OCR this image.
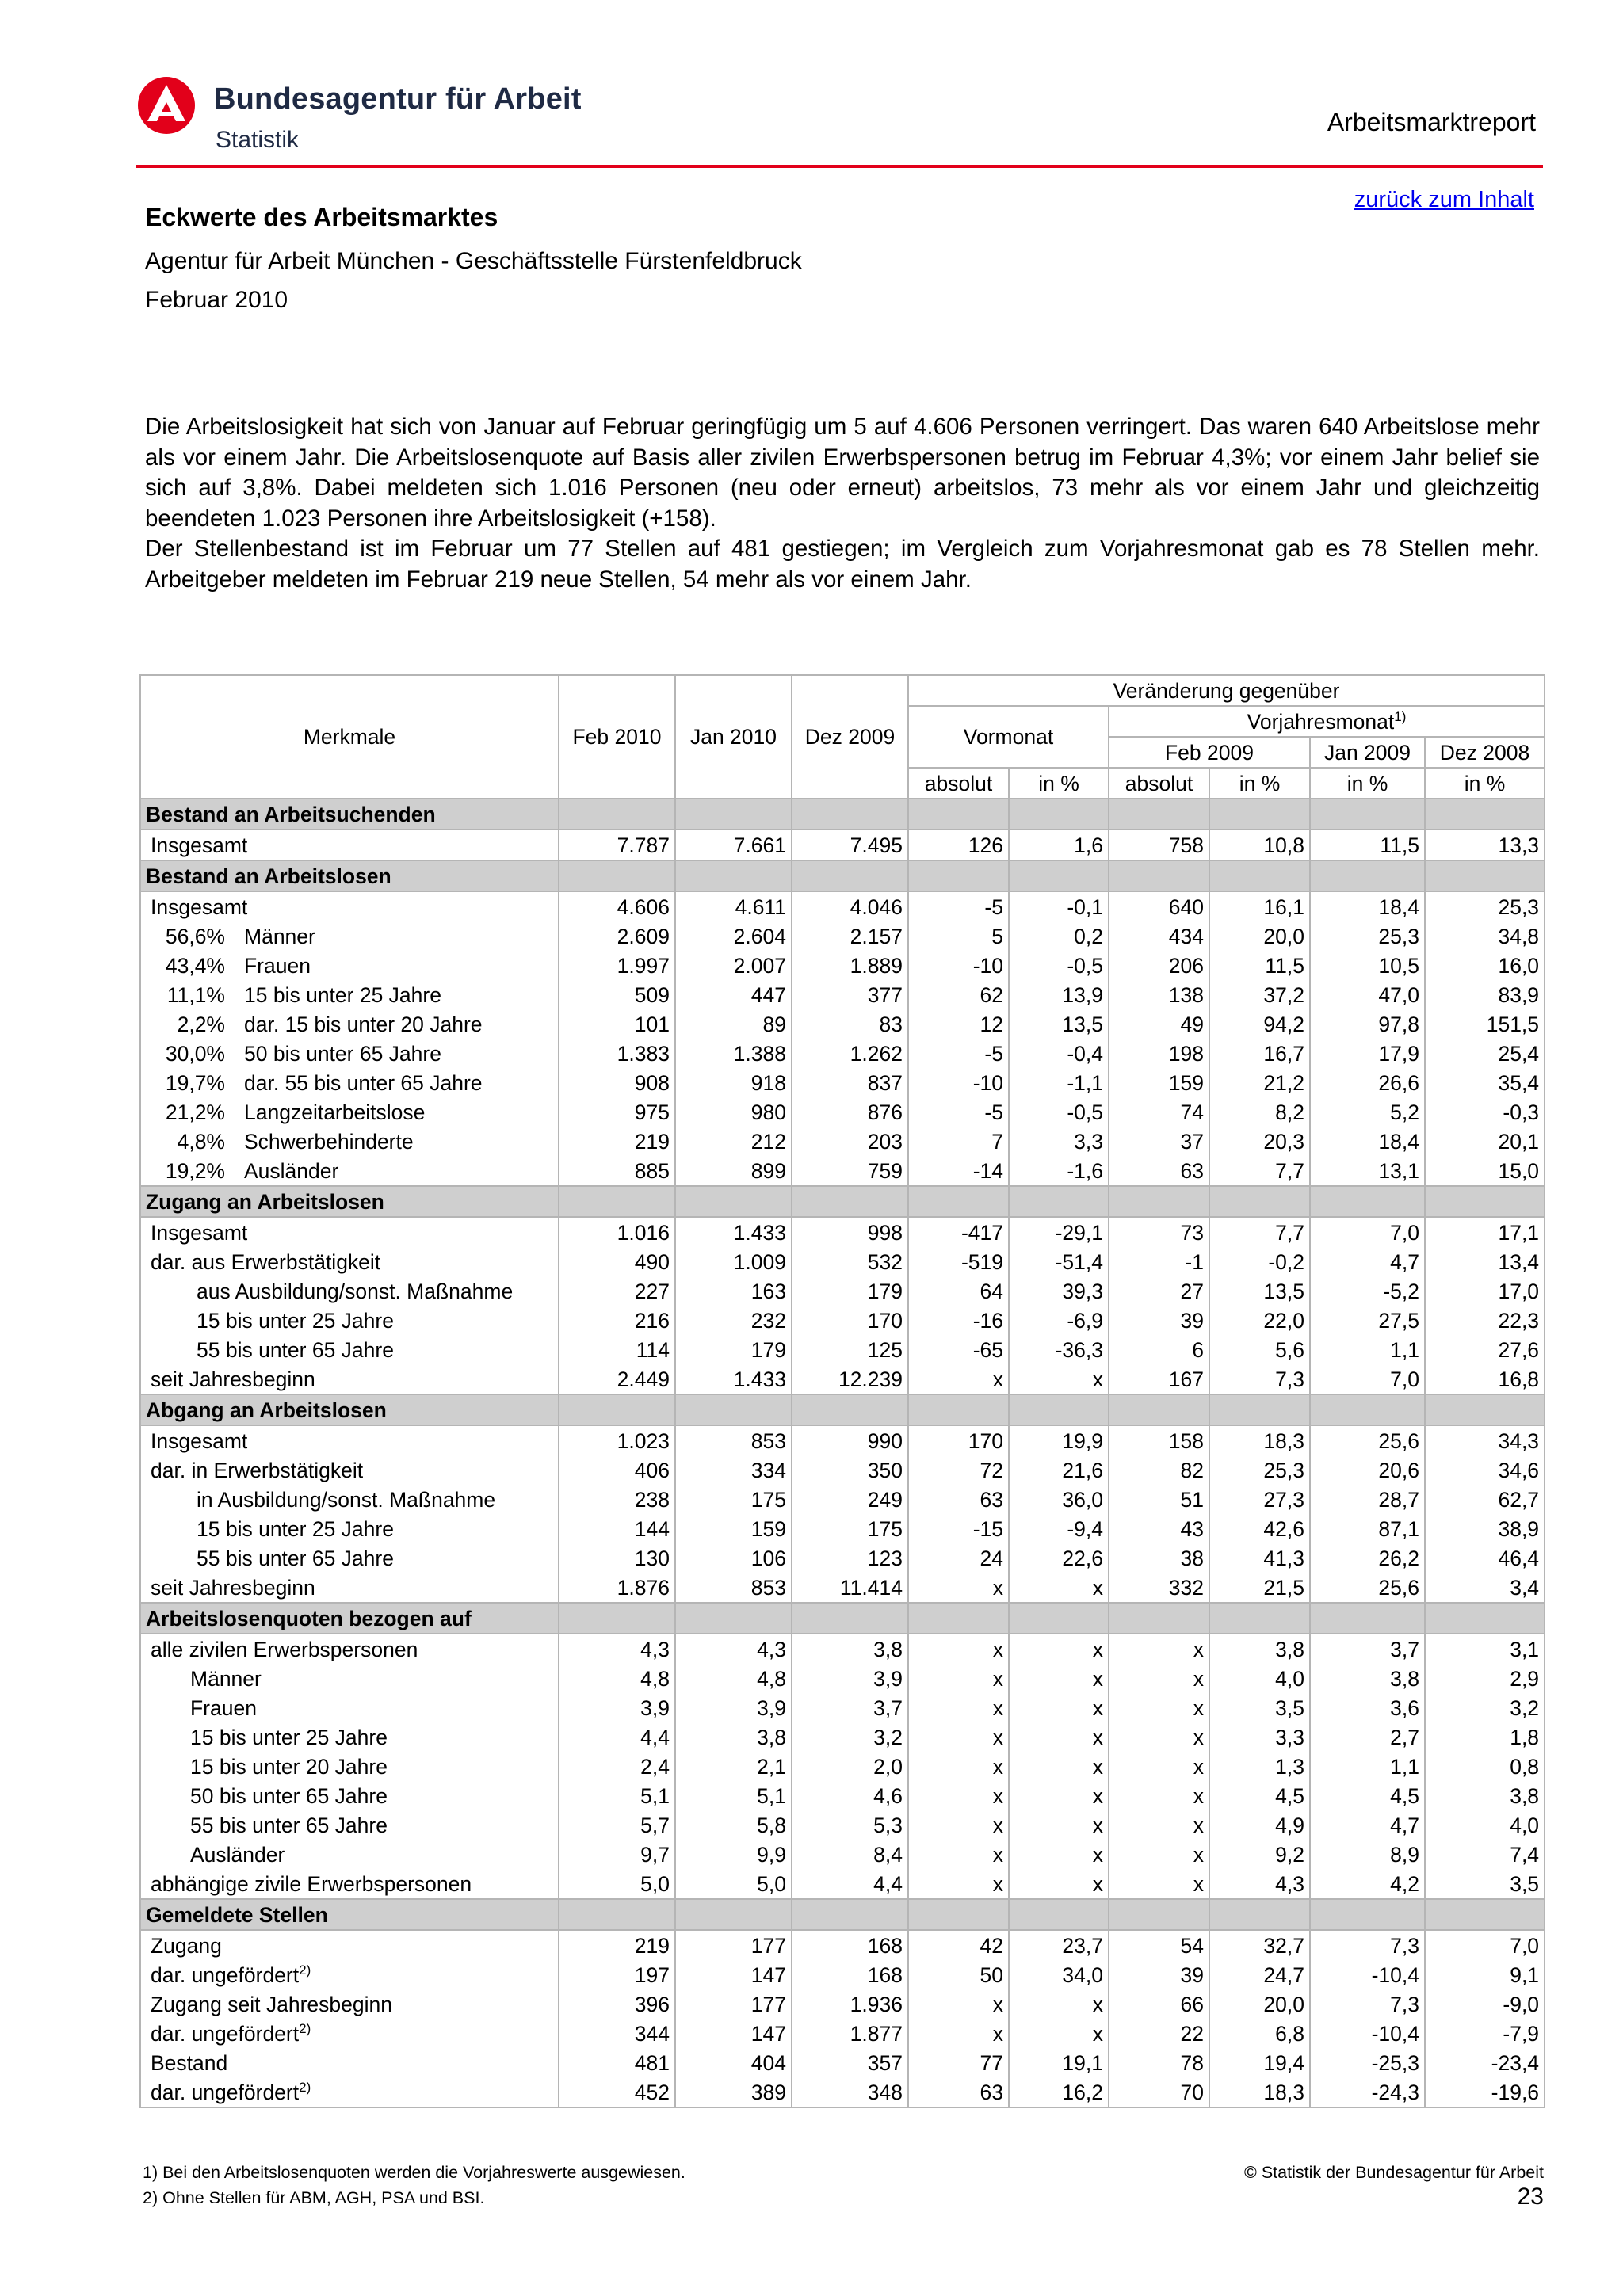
Bundesagentur für Arbeit
Statistik
Arbeitsmarktreport
zurück zum Inhalt
Eckwerte des Arbeitsmarktes
Agentur für Arbeit München - Geschäftsstelle Fürstenfeldbruck
Februar 2010

Die Arbeitslosigkeit hat sich von Januar auf Februar geringfügig um 5 auf 4.606 Personen verringert. Das waren 640 Arbeitslose mehr als vor einem Jahr. Die Arbeitslosenquote auf Basis aller zivilen Erwerbspersonen betrug im Februar 4,3%; vor einem Jahr belief sie sich auf 3,8%. Dabei meldeten sich 1.016 Personen (neu oder erneut) arbeitslos, 73 mehr als vor einem Jahr und gleichzeitig beendeten 1.023 Personen ihre Arbeitslosigkeit (+158).

Der Stellenbestand ist im Februar um 77 Stellen auf 481 gestiegen; im Vergleich zum Vorjahresmonat gab es 78 Stellen mehr. Arbeitgeber meldeten im Februar 219 neue Stellen, 54 mehr als vor einem Jahr.

Merkmale	Feb 2010	Jan 2010	Dez 2009	Veränderung gegenüber					
				Vormonat		Vorjahresmonat$^{1)}$
						Feb 2009		Jan 2009	Dez 2008
				absolut	in %	absolut	in %	in %	in %
Bestand an Arbeitsuchenden									
Insgesamt	7.787	7.661	7.495	126	1,6	758	10,8	11,5	13,3
Bestand an Arbeitslosen									
Insgesamt	4.606	4.611	4.046	-5	-0,1	640	16,1	18,4	25,3
56,6% Männer	2.609	2.604	2.157	5	0,2	434	20,0	25,3	34,8
43,4% Frauen	1.997	2.007	1.889	-10	-0,5	206	11,5	10,5	16,0
11,1% 15 bis unter 25 Jahre	509	447	377	62	13,9	138	37,2	47,0	83,9
2,2% dar. 15 bis unter 20 Jahre	101	89	83	12	13,5	49	94,2	97,8	151,5
30,0% 50 bis unter 65 Jahre	1.383	1.388	1.262	-5	-0,4	198	16,7	17,9	25,4
19,7% dar. 55 bis unter 65 Jahre	908	918	837	-10	-1,1	159	21,2	26,6	35,4
21,2% Langzeitarbeitslose	975	980	876	-5	-0,5	74	8,2	5,2	-0,3
4,8% Schwerbehinderte	219	212	203	7	3,3	37	20,3	18,4	20,1
19,2% Ausländer	885	899	759	-14	-1,6	63	7,7	13,1	15,0
Zugang an Arbeitslosen									
Insgesamt	1.016	1.433	998	-417	-29,1	73	7,7	7,0	17,1
dar. aus Erwerbstätigkeit	490	1.009	532	-519	-51,4	-1	-0,2	4,7	13,4
aus Ausbildung/sonst. Maßnahme	227	163	179	64	39,3	27	13,5	-5,2	17,0
15 bis unter 25 Jahre	216	232	170	-16	-6,9	39	22,0	27,5	22,3
55 bis unter 65 Jahre	114	179	125	-65	-36,3	6	5,6	1,1	27,6
seit Jahresbeginn	2.449	1.433	12.239	x	x	167	7,3	7,0	16,8
Abgang an Arbeitslosen									
Insgesamt	1.023	853	990	170	19,9	158	18,3	25,6	34,3
dar. in Erwerbstätigkeit	406	334	350	72	21,6	82	25,3	20,6	34,6
in Ausbildung/sonst. Maßnahme	238	175	249	63	36,0	51	27,3	28,7	62,7
15 bis unter 25 Jahre	144	159	175	-15	-9,4	43	42,6	87,1	38,9
55 bis unter 65 Jahre	130	106	123	24	22,6	38	41,3	26,2	46,4
seit Jahresbeginn	1.876	853	11.414	x	x	332	21,5	25,6	3,4
Arbeitslosenquoten bezogen auf									
alle zivilen Erwerbspersonen	4,3	4,3	3,8	x	x	x	3,8	3,7	3,1
Männer	4,8	4,8	3,9	x	x	x	4,0	3,8	2,9
Frauen	3,9	3,9	3,7	x	x	x	3,5	3,6	3,2
15 bis unter 25 Jahre	4,4	3,8	3,2	x	x	x	3,3	2,7	1,8
15 bis unter 20 Jahre	2,4	2,1	2,0	x	x	x	1,3	1,1	0,8
50 bis unter 65 Jahre	5,1	5,1	4,6	x	x	x	4,5	4,5	3,8
55 bis unter 65 Jahre	5,7	5,8	5,3	x	x	x	4,9	4,7	4,0
Ausländer	9,7	9,9	8,4	x	x	x	9,2	8,9	7,4
abhängige zivile Erwerbspersonen	5,0	5,0	4,4	x	x	x	4,3	4,2	3,5
Gemeldete Stellen									
Zugang	219	177	168	42	23,7	54	32,7	7,3	7,0
dar. ungefördert$^{2)}$	197	147	168	50	34,0	39	24,7	-10,4	9,1
Zugang seit Jahresbeginn	396	177	1.936	x	x	66	20,0	7,3	-9,0
dar. ungefördert$^{2)}$	344	147	1.877	x	x	22	6,8	-10,4	-7,9
Bestand	481	404	357	77	19,1	78	19,4	-25,3	-23,4
dar. ungefördert$^{2)}$	452	389	348	63	16,2	70	18,3	-24,3	-19,6
1) Bei den Arbeitslosenquoten werden die Vorjahreswerte ausgewiesen.
2) Ohne Stellen für ABM, AGH, PSA und BSI.
© Statistik der Bundesagentur für Arbeit
23
